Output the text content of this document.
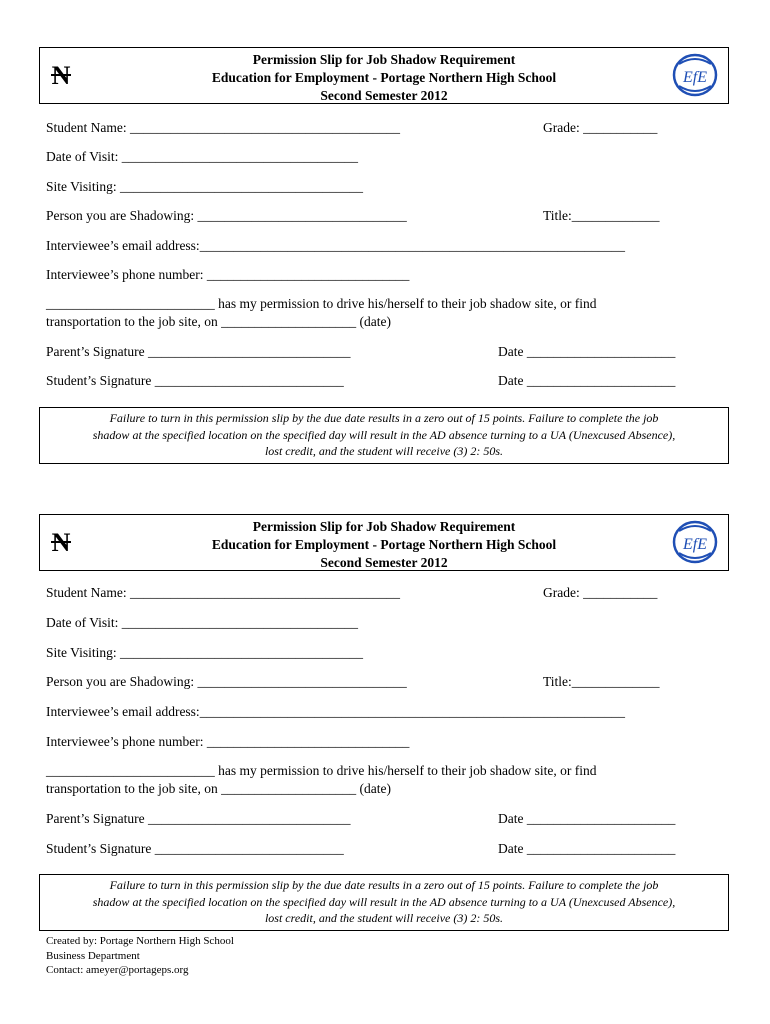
N
Permission Slip for Job Shadow Requirement
Education for Employment - Portage Northern High School
Second Semester 2012
EfE
Student Name: ________________________________________	Grade: ___________
Date of Visit: ___________________________________
Site Visiting: ____________________________________
Person you are Shadowing: _______________________________	Title:_____________
Interviewee’s email address:_______________________________________________________________
Interviewee’s phone number: ______________________________
_________________________ has my permission to drive his/herself to their job shadow site, or find
transportation to the job site, on ____________________ (date)
Parent’s Signature ______________________________	Date ______________________
Student’s Signature ____________________________	Date ______________________
Failure to turn in this permission slip by the due date results in a zero out of 15 points. Failure to complete the job
shadow at the specified location on the specified day will result in the AD absence turning to a UA (Unexcused Absence),
lost credit, and the student will receive (3) 2: 50s.
N
Permission Slip for Job Shadow Requirement
Education for Employment - Portage Northern High School
Second Semester 2012
EfE
Student Name: ________________________________________	Grade: ___________
Date of Visit: ___________________________________
Site Visiting: ____________________________________
Person you are Shadowing: _______________________________	Title:_____________
Interviewee’s email address:_______________________________________________________________
Interviewee’s phone number: ______________________________
_________________________ has my permission to drive his/herself to their job shadow site, or find
transportation to the job site, on ____________________ (date)
Parent’s Signature ______________________________	Date ______________________
Student’s Signature ____________________________	Date ______________________
Failure to turn in this permission slip by the due date results in a zero out of 15 points. Failure to complete the job
shadow at the specified location on the specified day will result in the AD absence turning to a UA (Unexcused Absence),
lost credit, and the student will receive (3) 2: 50s.
Created by: Portage Northern High School
Business Department
Contact: ameyer@portageps.org
